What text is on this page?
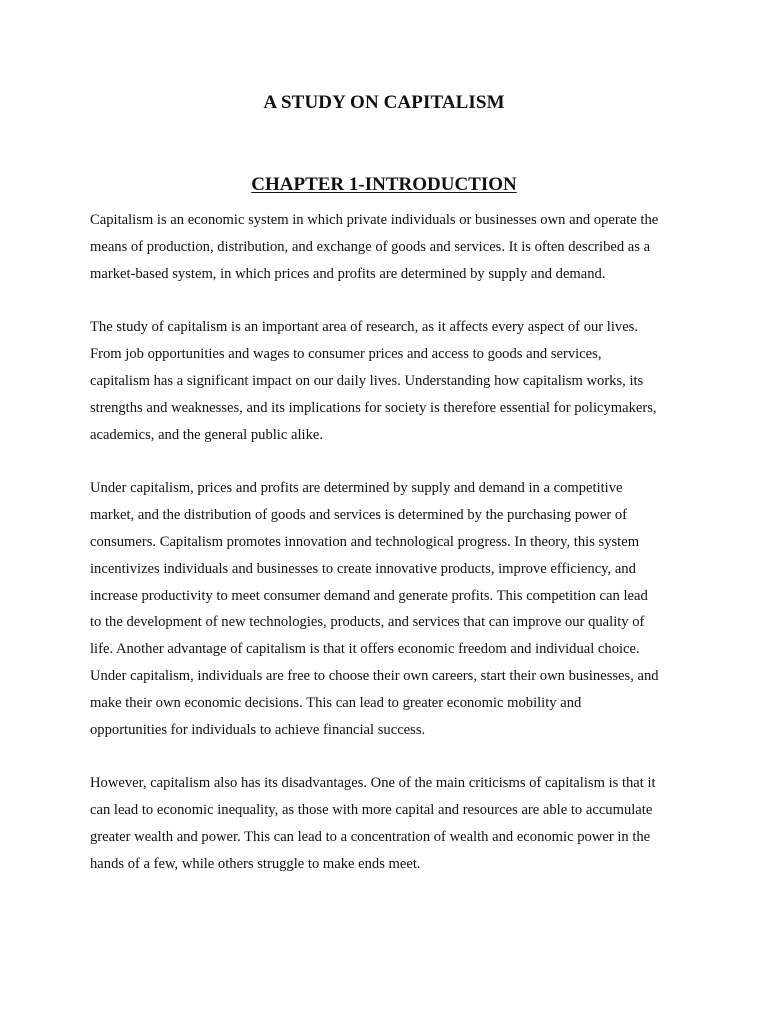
A STUDY ON CAPITALISM
CHAPTER 1-INTRODUCTION

Capitalism is an economic system in which private individuals or businesses own and operate the
means of production, distribution, and exchange of goods and services. It is often described as a
market-based system, in which prices and profits are determined by supply and demand.

The study of capitalism is an important area of research, as it affects every aspect of our lives.
From job opportunities and wages to consumer prices and access to goods and services,
capitalism has a significant impact on our daily lives. Understanding how capitalism works, its
strengths and weaknesses, and its implications for society is therefore essential for policymakers,
academics, and the general public alike.

Under capitalism, prices and profits are determined by supply and demand in a competitive
market, and the distribution of goods and services is determined by the purchasing power of
consumers. Capitalism promotes innovation and technological progress. In theory, this system
incentivizes individuals and businesses to create innovative products, improve efficiency, and
increase productivity to meet consumer demand and generate profits. This competition can lead
to the development of new technologies, products, and services that can improve our quality of
life. Another advantage of capitalism is that it offers economic freedom and individual choice.
Under capitalism, individuals are free to choose their own careers, start their own businesses, and
make their own economic decisions. This can lead to greater economic mobility and
opportunities for individuals to achieve financial success.

However, capitalism also has its disadvantages. One of the main criticisms of capitalism is that it
can lead to economic inequality, as those with more capital and resources are able to accumulate
greater wealth and power. This can lead to a concentration of wealth and economic power in the
hands of a few, while others struggle to make ends meet.
